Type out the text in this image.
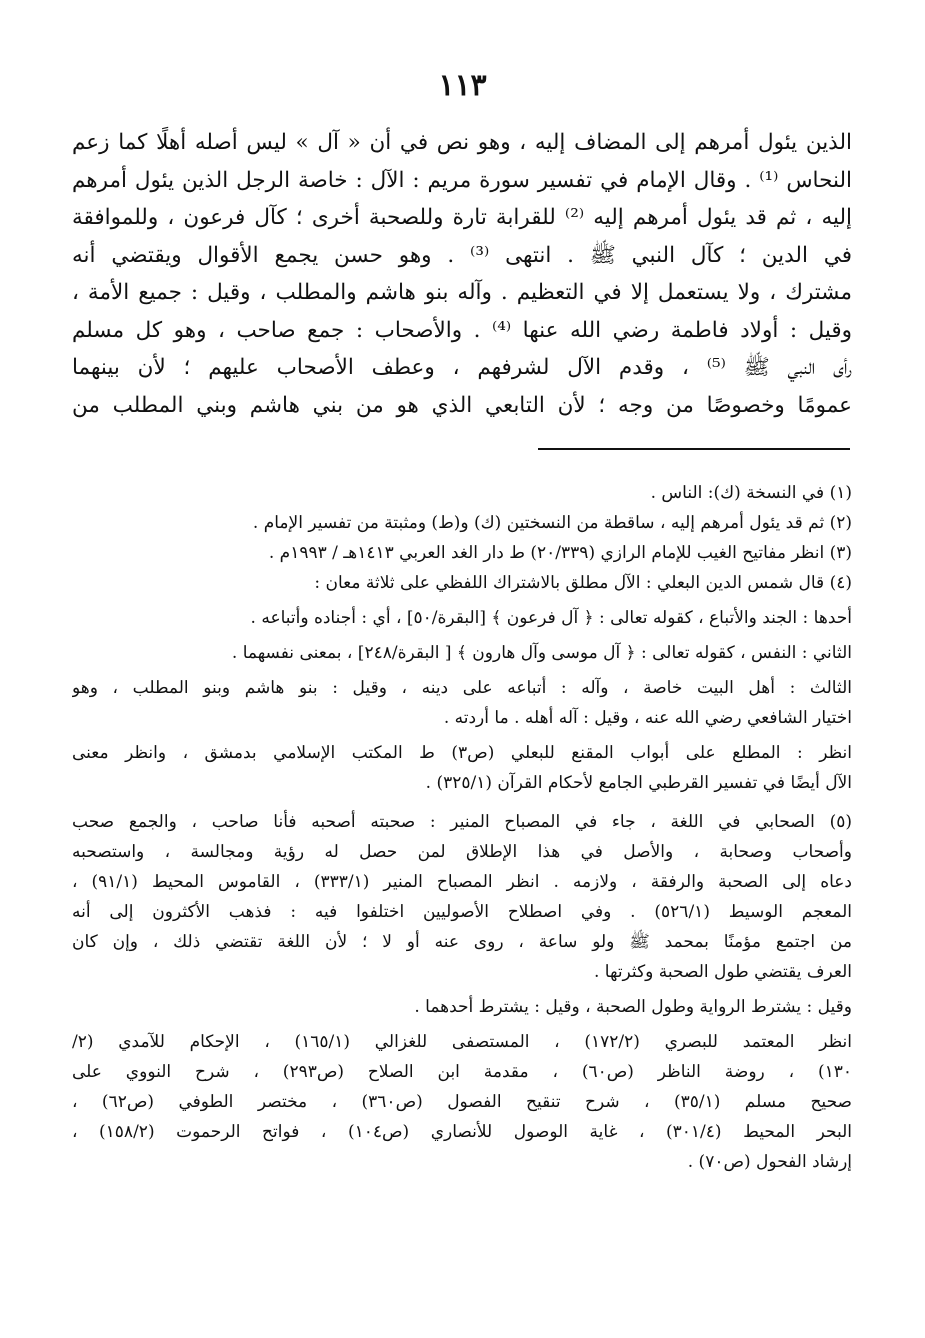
١١٣
الذين يئول أمرهم إلى المضاف إليه ، وهو نص في أن « آل » ليس أصله أهلًا كما زعم
النحاس ⁽¹⁾ . وقال الإمام في تفسير سورة مريم : الآل : خاصة الرجل الذين يئول أمرهم
إليه ، ثم قد يئول أمرهم إليه ⁽²⁾ للقرابة تارة وللصحبة أخرى ؛ كآل فرعون ، وللموافقة
في الدين ؛ كآل النبي ﷺ . انتهى ⁽³⁾ . وهو حسن يجمع الأقوال ويقتضي أنه
مشترك ، ولا يستعمل إلا في التعظيم . وآله بنو هاشم والمطلب ، وقيل : جميع الأمة ،
وقيل : أولاد فاطمة رضي الله عنها ⁽⁴⁾ . والأصحاب : جمع صاحب ، وهو كل مسلم
رأى النبي ﷺ ⁽⁵⁾ ، وقدم الآل لشرفهم ، وعطف الأصحاب عليهم ؛ لأن بينهما
عمومًا وخصوصًا من وجه ؛ لأن التابعي الذي هو من بني هاشم وبني المطلب من
(١) في النسخة (ك): الناس .
(٢) ثم قد يئول أمرهم إليه ، ساقطة من النسختين (ك) و(ط) ومثبتة من تفسير الإمام .
(٣) انظر مفاتيح الغيب للإمام الرازي (٢٠/٣٣٩) ط دار الغد العربي ١٤١٣هـ / ١٩٩٣م .
(٤) قال شمس الدين البعلي : الآل مطلق بالاشتراك اللفظي على ثلاثة معان :
أحدها : الجند والأتباع ، كقوله تعالى : ﴿ آل فرعون ﴾ [البقرة/٥٠] ، أي : أجناده وأتباعه .
الثاني : النفس ، كقوله تعالى : ﴿ آل موسى وآل هارون ﴾ [ البقرة/٢٤٨] ، بمعنى نفسهما .
الثالث : أهل البيت خاصة ، وآله : أتباعه على دينه ، وقيل : بنو هاشم وبنو المطلب ، وهو
اختيار الشافعي رضي الله عنه ، وقيل : آله أهله . ما أردته .
انظر : المطلع على أبواب المقنع للبعلي (ص٣) ط المكتب الإسلامي بدمشق ، وانظر معنى
الآل أيضًا في تفسير القرطبي الجامع لأحكام القرآن (٣٢٥/١) .
(٥) الصحابي في اللغة ، جاء في المصباح المنير : صحبته أصحبه فأنا صاحب ، والجمع صحب
وأصحاب وصحابة ، والأصل في هذا الإطلاق لمن حصل له رؤية ومجالسة ، واستصحبه
دعاه إلى الصحبة والرفقة ، ولازمه . انظر المصباح المنير (٣٣٣/١) ، القاموس المحيط (٩١/١) ،
المعجم الوسيط (٥٢٦/١) . وفي اصطلاح الأصوليين اختلفوا فيه : فذهب الأكثرون إلى أنه
من اجتمع مؤمنًا بمحمد ﷺ ولو ساعة ، روى عنه أو لا ؛ لأن اللغة تقتضي ذلك ، وإن كان
العرف يقتضي طول الصحبة وكثرتها .
وقيل : يشترط الرواية وطول الصحبة ، وقيل : يشترط أحدهما .
انظر المعتمد للبصري (١٧٢/٢) ، المستصفى للغزالي (١٦٥/١) ، الإحكام للآمدي (٢/
١٣٠) ، روضة الناظر (ص٦٠) ، مقدمة ابن الصلاح (ص٢٩٣) ، شرح النووي على
صحيح مسلم (٣٥/١) ، شرح تنقيح الفصول (ص٣٦٠) ، مختصر الطوفي (ص٦٢) ،
البحر المحيط (٣٠١/٤) ، غاية الوصول للأنصاري (ص١٠٤) ، فواتح الرحموت (١٥٨/٢) ،
إرشاد الفحول (ص٧٠) .
